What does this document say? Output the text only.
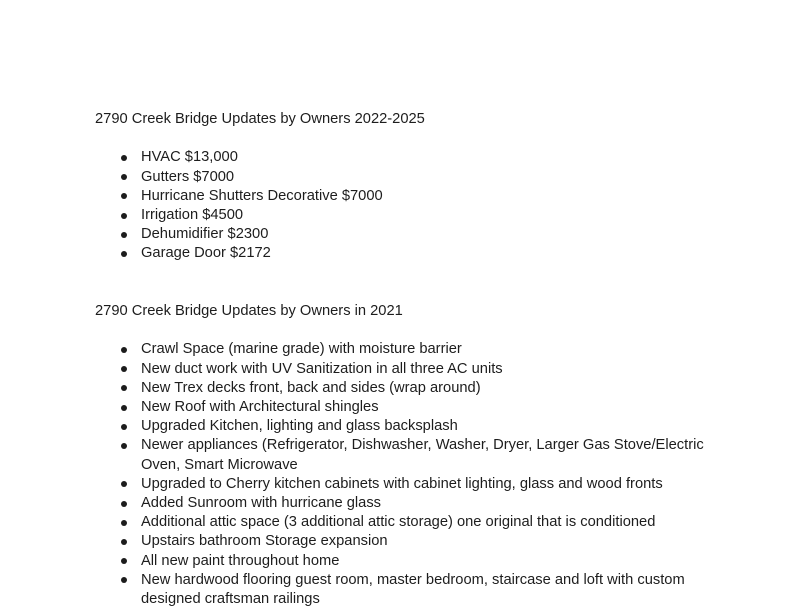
2790 Creek Bridge Updates by Owners 2022-2025

HVAC $13,000
Gutters $7000
Hurricane Shutters Decorative $7000
Irrigation $4500
Dehumidifier $2300
Garage Door $2172

2790 Creek Bridge Updates by Owners in 2021

Crawl Space (marine grade) with moisture barrier
New duct work with UV Sanitization in all three AC units
New Trex decks front, back and sides (wrap around)
New Roof with Architectural shingles
Upgraded Kitchen, lighting and glass backsplash
Newer appliances (Refrigerator, Dishwasher, Washer, Dryer, Larger Gas Stove/Electric Oven, Smart Microwave
Upgraded to Cherry kitchen cabinets with cabinet lighting, glass and wood fronts
Added Sunroom with hurricane glass
Additional attic space (3 additional attic storage) one original that is conditioned
Upstairs bathroom Storage expansion
All new paint throughout home
New hardwood flooring guest room, master bedroom, staircase and loft with custom designed craftsman railings
